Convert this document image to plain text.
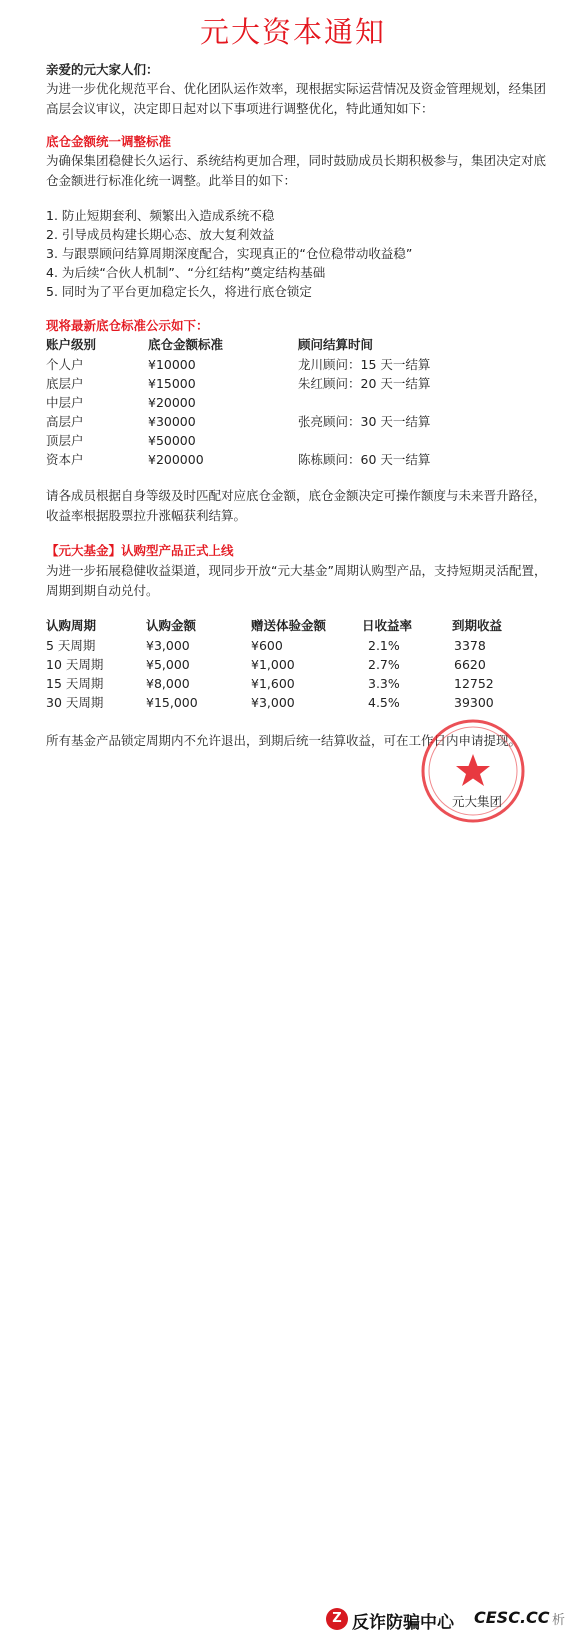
元大资本通知
亲爱的元大家人们：
为进一步优化规范平台、优化团队运作效率，现根据实际运营情况及资金管理规划，经集团高层会议审议，决定即日起对以下事项进行调整优化，特此通知如下：
底仓金额统一调整标准
为确保集团稳健长久运行、系统结构更加合理，同时鼓励成员长期积极参与，集团决定对底仓金额进行标准化统一调整。此举目的如下：
1. 防止短期套利、频繁出入造成系统不稳
2. 引导成员构建长期心态、放大复利效益
3. 与跟票顾问结算周期深度配合，实现真正的“仓位稳带动收益稳”
4. 为后续“合伙人机制”、“分红结构”奠定结构基础
5. 同时为了平台更加稳定长久，将进行底仓锁定
现将最新底仓标准公示如下：
账户级别	底仓金额标准	顾问结算时间
个人户	¥10000	龙川顾问：15 天一结算
底层户	¥15000	朱红顾问：20 天一结算
中层户	¥20000
高层户	¥30000	张亮顾问：30 天一结算
顶层户	¥50000
资本户	¥200000	陈栋顾问：60 天一结算
请各成员根据自身等级及时匹配对应底仓金额，底仓金额决定可操作额度与未来晋升路径，收益率根据股票拉升涨幅获利结算。
【元大基金】认购型产品正式上线
为进一步拓展稳健收益渠道，现同步开放“元大基金”周期认购型产品，支持短期灵活配置，周期到期自动兑付。
认购周期	认购金额	赠送体验金额	日收益率	到期收益
5 天周期	¥3,000	¥600	2.1%	3378
10 天周期	¥5,000	¥1,000	2.7%	6620
15 天周期	¥8,000	¥1,600	3.3%	12752
30 天周期	¥15,000	¥3,000	4.5%	39300
所有基金产品锁定周期内不允许退出，到期后统一结算收益，可在工作日内申请提现。
元大集团
Z 反诈防骗中心 CESC.CC 析
